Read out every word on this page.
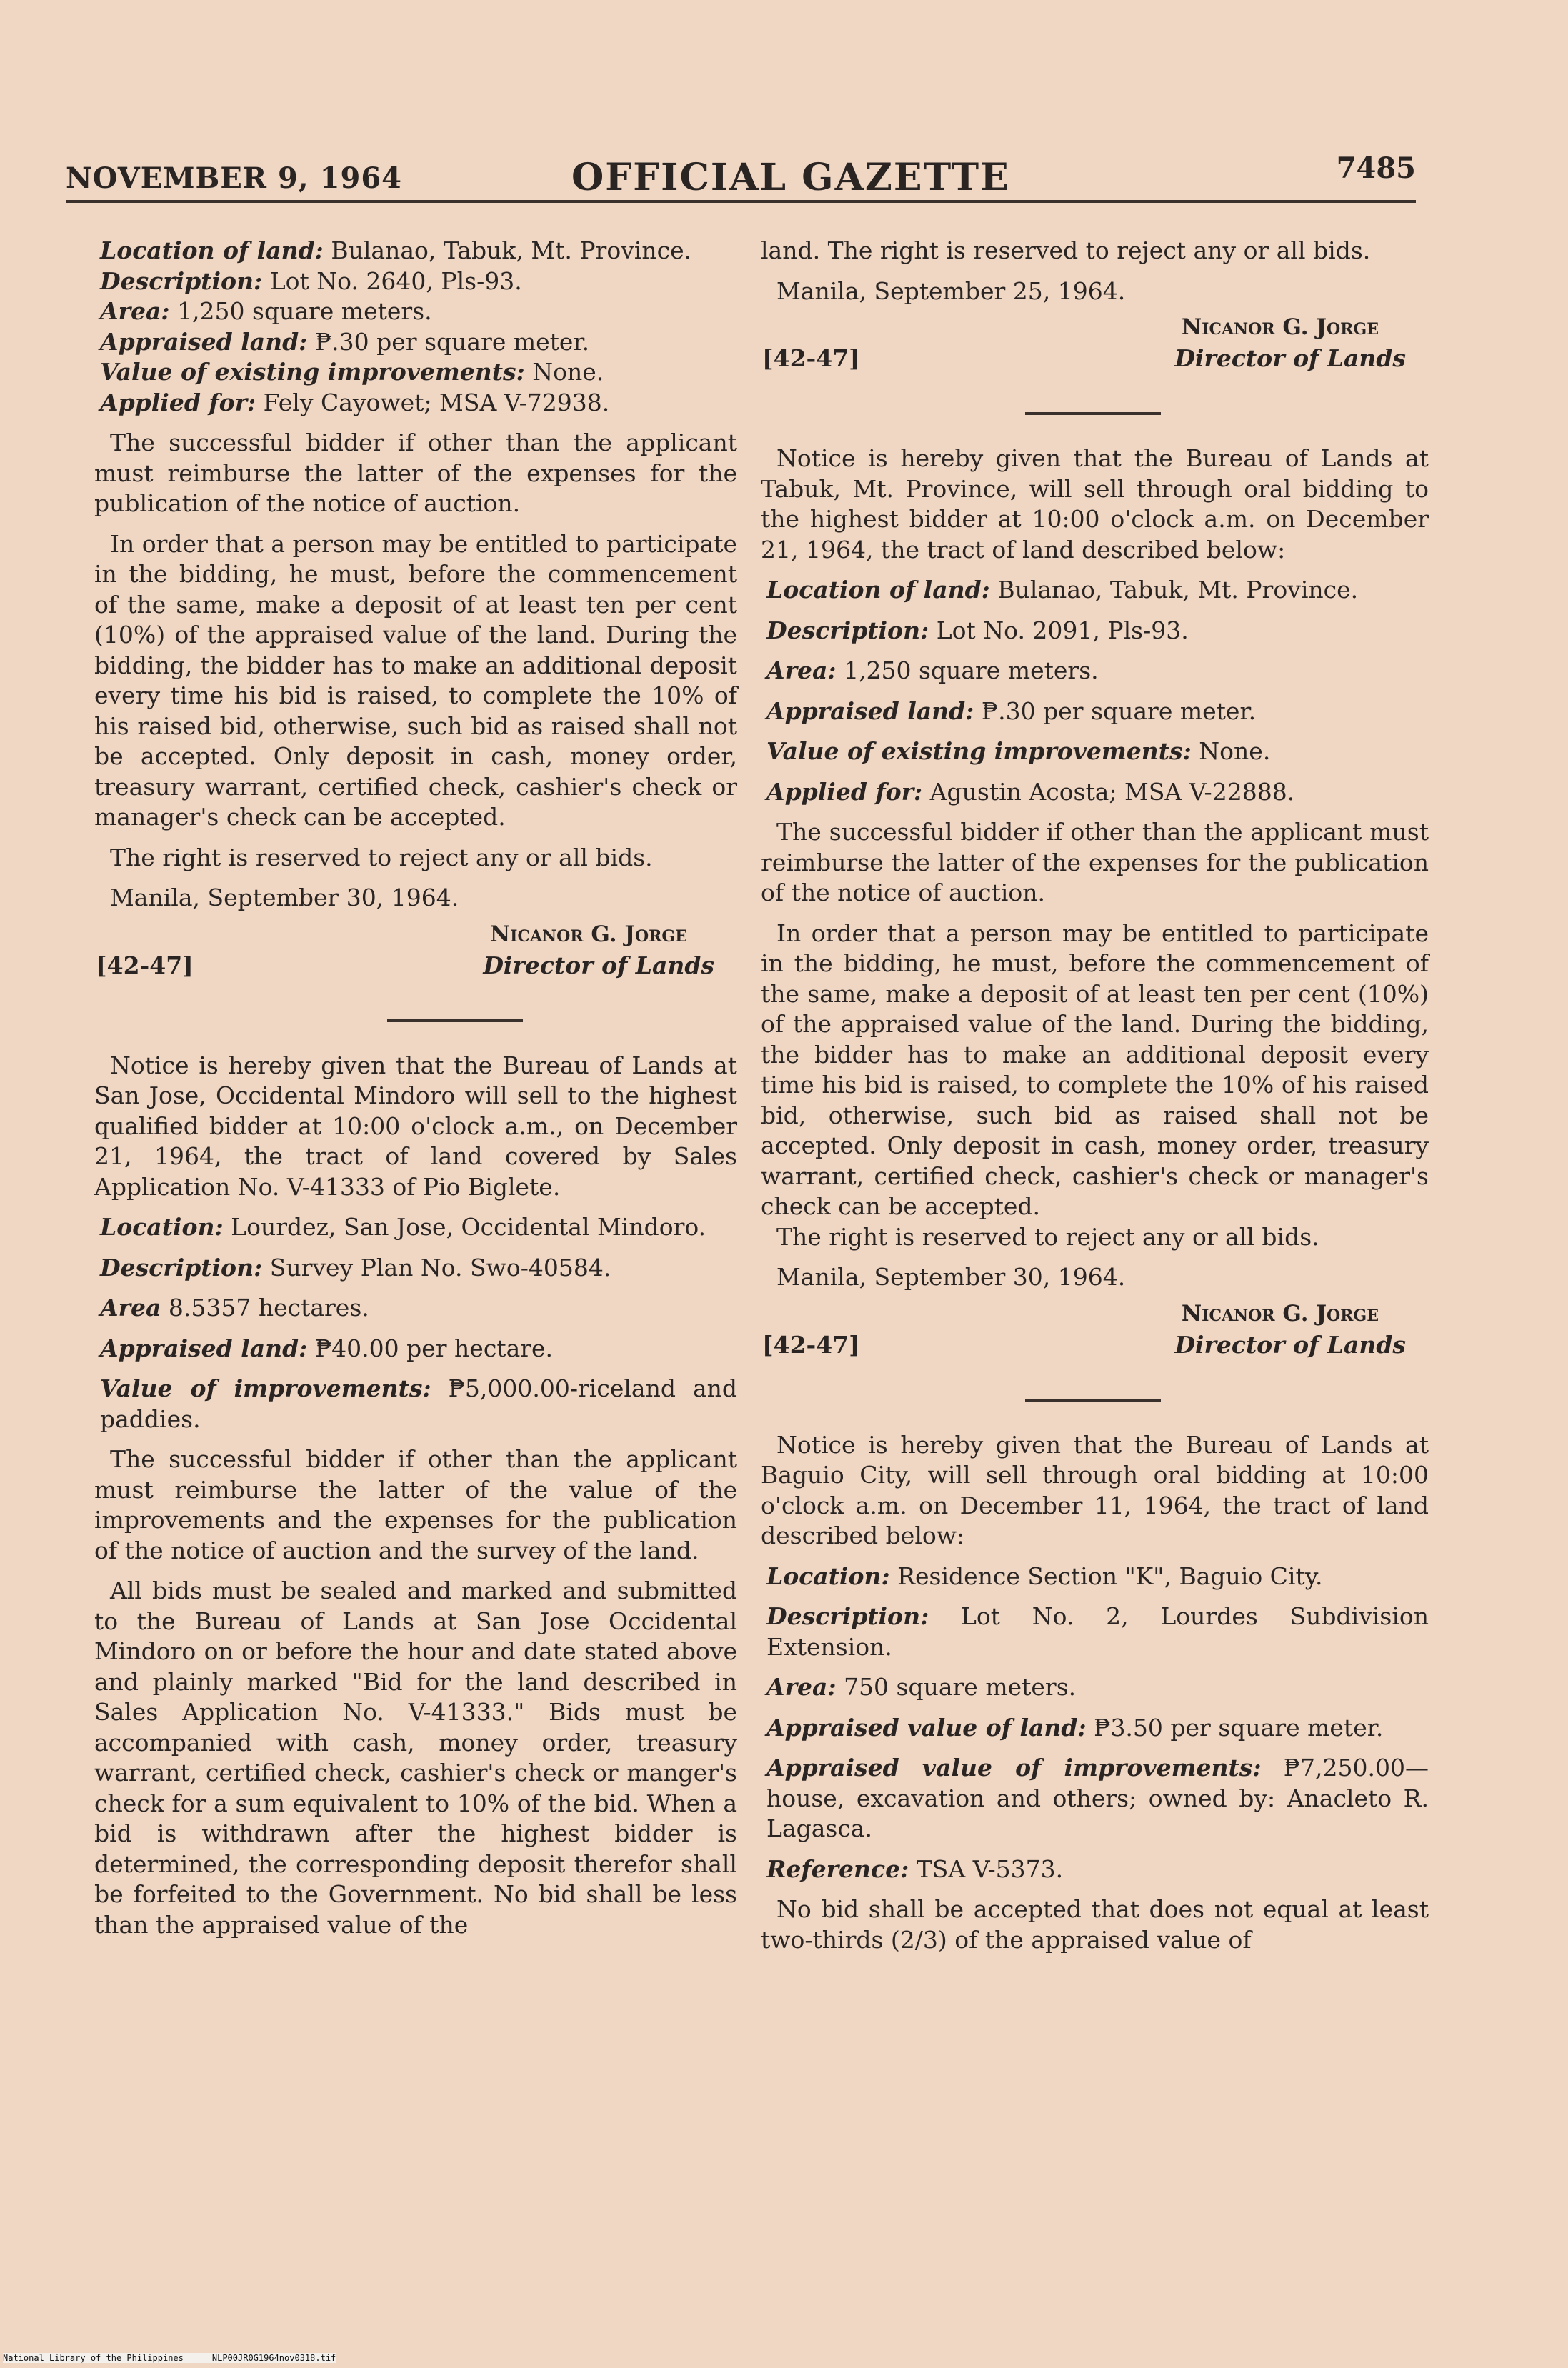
NOVEMBER 9, 1964	OFFICIAL GAZETTE	7485

Location of land: Bulanao, Tabuk, Mt. Province.

Description: Lot No. 2640, Pls-93.

Area: 1,250 square meters.

Appraised land: ₱.30 per square meter.

Value of existing improvements: None.

Applied for: Fely Cayowet; MSA V-72938.

The successful bidder if other than the applicant must reimburse the latter of the expenses for the publication of the notice of auction.

In order that a person may be entitled to participate in the bidding, he must, before the commencement of the same, make a deposit of at least ten per cent (10%) of the appraised value of the land. During the bidding, the bidder has to make an additional deposit every time his bid is raised, to complete the 10% of his raised bid, otherwise, such bid as raised shall not be accepted. Only deposit in cash, money order, treasury warrant, certified check, cashier's check or manager's check can be accepted.

The right is reserved to reject any or all bids.

Manila, September 30, 1964.

Nicanor G. Jorge
[42-47]	Director of Lands

Notice is hereby given that the Bureau of Lands at San Jose, Occidental Mindoro will sell to the highest qualified bidder at 10:00 o'clock a.m., on December 21, 1964, the tract of land covered by Sales Application No. V-41333 of Pio Biglete.

Location: Lourdez, San Jose, Occidental Mindoro.

Description: Survey Plan No. Swo-40584.

Area 8.5357 hectares.

Appraised land: ₱40.00 per hectare.

Value of improvements: ₱5,000.00-riceland and paddies.

The successful bidder if other than the applicant must reimburse the latter of the value of the improvements and the expenses for the publication of the notice of auction and the survey of the land.

All bids must be sealed and marked and submitted to the Bureau of Lands at San Jose Occidental Mindoro on or before the hour and date stated above and plainly marked "Bid for the land described in Sales Application No. V-41333." Bids must be accompanied with cash, money order, treasury warrant, certified check, cashier's check or manger's check for a sum equivalent to 10% of the bid. When a bid is withdrawn after the highest bidder is determined, the corresponding deposit therefor shall be forfeited to the Government. No bid shall be less than the appraised value of the

land. The right is reserved to reject any or all bids.

Manila, September 25, 1964.

Nicanor G. Jorge
[42-47]	Director of Lands

Notice is hereby given that the Bureau of Lands at Tabuk, Mt. Province, will sell through oral bidding to the highest bidder at 10:00 o'clock a.m. on December 21, 1964, the tract of land described below:

Location of land: Bulanao, Tabuk, Mt. Province.

Description: Lot No. 2091, Pls-93.

Area: 1,250 square meters.

Appraised land: ₱.30 per square meter.

Value of existing improvements: None.

Applied for: Agustin Acosta; MSA V-22888.

The successful bidder if other than the applicant must reimburse the latter of the expenses for the publication of the notice of auction.

In order that a person may be entitled to participate in the bidding, he must, before the commencement of the same, make a deposit of at least ten per cent (10%) of the appraised value of the land. During the bidding, the bidder has to make an additional deposit every time his bid is raised, to complete the 10% of his raised bid, otherwise, such bid as raised shall not be accepted. Only deposit in cash, money order, treasury warrant, certified check, cashier's check or manager's check can be accepted.

The right is reserved to reject any or all bids.

Manila, September 30, 1964.

Nicanor G. Jorge
[42-47]	Director of Lands

Notice is hereby given that the Bureau of Lands at Baguio City, will sell through oral bidding at 10:00 o'clock a.m. on December 11, 1964, the tract of land described below:

Location: Residence Section "K", Baguio City.

Description: Lot No. 2, Lourdes Subdivision Extension.

Area: 750 square meters.

Appraised value of land: ₱3.50 per square meter.

Appraised value of improvements: ₱7,250.00— house, excavation and others; owned by: Anacleto R. Lagasca.

Reference: TSA V-5373.

No bid shall be accepted that does not equal at least two-thirds (2/3) of the appraised value of

National Library of the Philippines	NLP00JR0G1964nov0318.tif
